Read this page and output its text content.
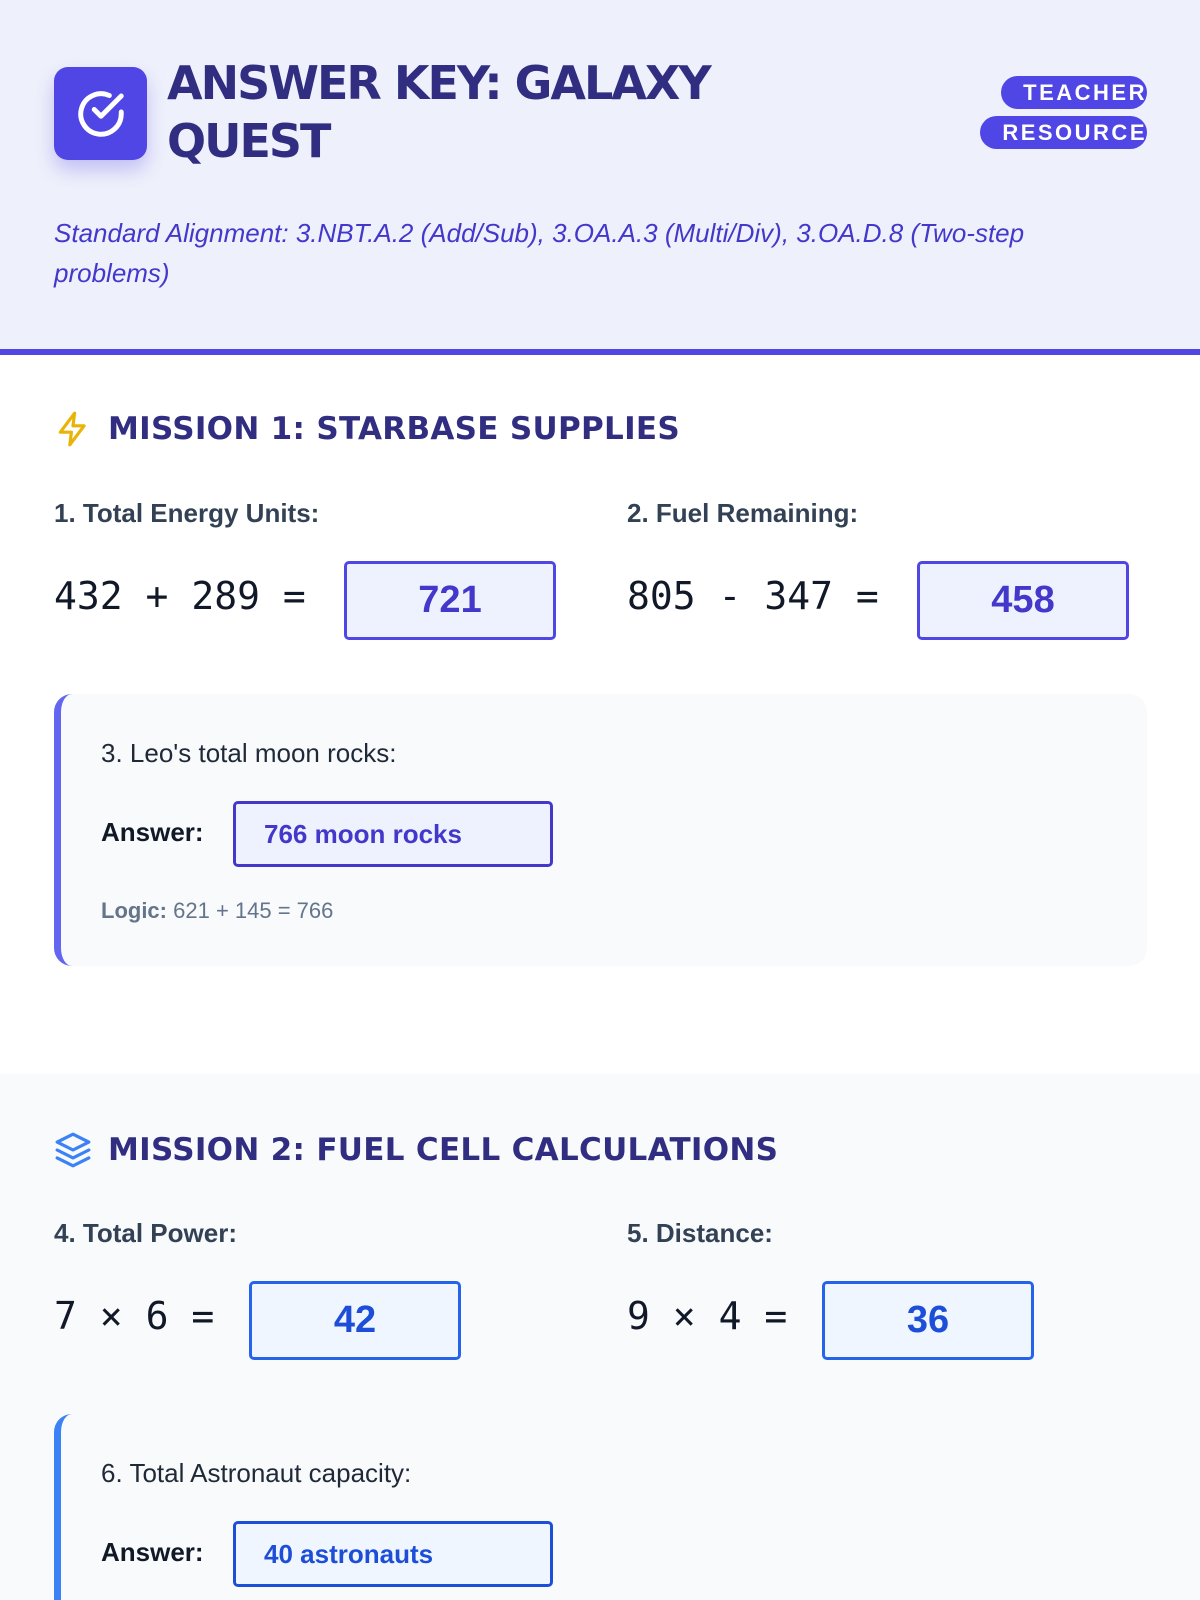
ANSWER KEY: GALAXY QUEST
TEACHER RESOURCE
Standard Alignment: 3.NBT.A.2 (Add/Sub), 3.OA.A.3 (Multi/Div), 3.OA.D.8 (Two-step problems)
MISSION 1: STARBASE SUPPLIES
1. Total Energy Units:
432
+
289
=	721
2. Fuel Remaining:
805
-
347
=	458
3. Leo's total moon rocks:
Answer:	766 moon rocks
Logic: 621 + 145 = 766
MISSION 2: FUEL CELL CALCULATIONS
4. Total Power:
7
×
6
=	42
5. Distance:
9
×
4
=	36
6. Total Astronaut capacity:
Answer:	40 astronauts
